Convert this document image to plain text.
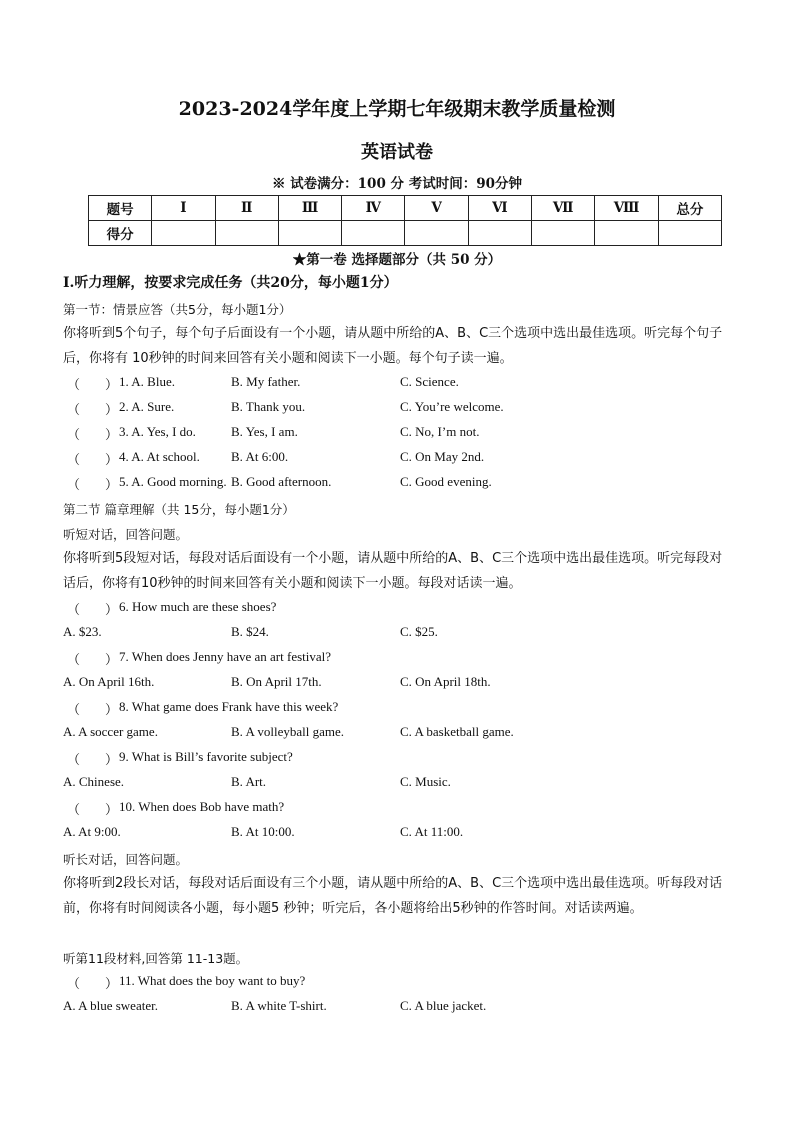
2023-2024学年度上学期七年级期末教学质量检测
英语试卷
※ 试卷满分：100 分 考试时间：90分钟
题号	Ⅰ	Ⅱ	Ⅲ	Ⅳ	Ⅴ	Ⅵ	Ⅶ	Ⅷ	总分
得分									
★第一卷 选择题部分（共 50 分）
Ⅰ.听力理解，按要求完成任务（共20分，每小题1分）
第一节：情景应答（共5分，每小题1分）
你将听到5个句子，每个句子后面设有一个小题，请从题中所给的A、B、C三个选项中选出最佳选项。听完每个句子后，你将有 10秒钟的时间来回答有关小题和阅读下一小题。每个句子读一遍。
（ ） 1. A. Blue.	B. My father.	C. Science.
（ ） 2. A. Sure.	B. Thank you.	C. You’re welcome.
（ ） 3. A. Yes, I do.	B. Yes, I am.	C. No, I’m not.
（ ） 4. A. At school. B. At 6:00.	C. On May 2nd.
（ ） 5. A. Good morning. B. Good afternoon.	C. Good evening.
第二节 篇章理解（共 15分，每小题1分）
听短对话，回答问题。
你将听到5段短对话，每段对话后面设有一个小题，请从题中所给的A、B、C三个选项中选出最佳选项。听完每段对话后，你将有10秒钟的时间来回答有关小题和阅读下一小题。每段对话读一遍。
（ ） 6. How much are these shoes?
A. $23.	B. $24.	C. $25.
（ ） 7. When does Jenny have an art festival?
A. On April 16th.	B. On April 17th.	C. On April 18th.
（ ） 8. What game does Frank have this week?
A. A soccer game.	B. A volleyball game.	C. A basketball game.
（ ） 9. What is Bill’s favorite subject?
A. Chinese.	B. Art.	C. Music.
（ ） 10. When does Bob have math?
A. At 9:00.	B. At 10:00.	C. At 11:00.
听长对话，回答问题。
你将听到2段长对话，每段对话后面设有三个小题，请从题中所给的A、B、C三个选项中选出最佳选项。听每段对话前，你将有时间阅读各小题，每小题5 秒钟；听完后，各小题将给出5秒钟的作答时间。对话读两遍。
听第11段材料,回答第 11-13题。
（ ） 11. What does the boy want to buy?
A. A blue sweater.	B. A white T-shirt.	C. A blue jacket.
